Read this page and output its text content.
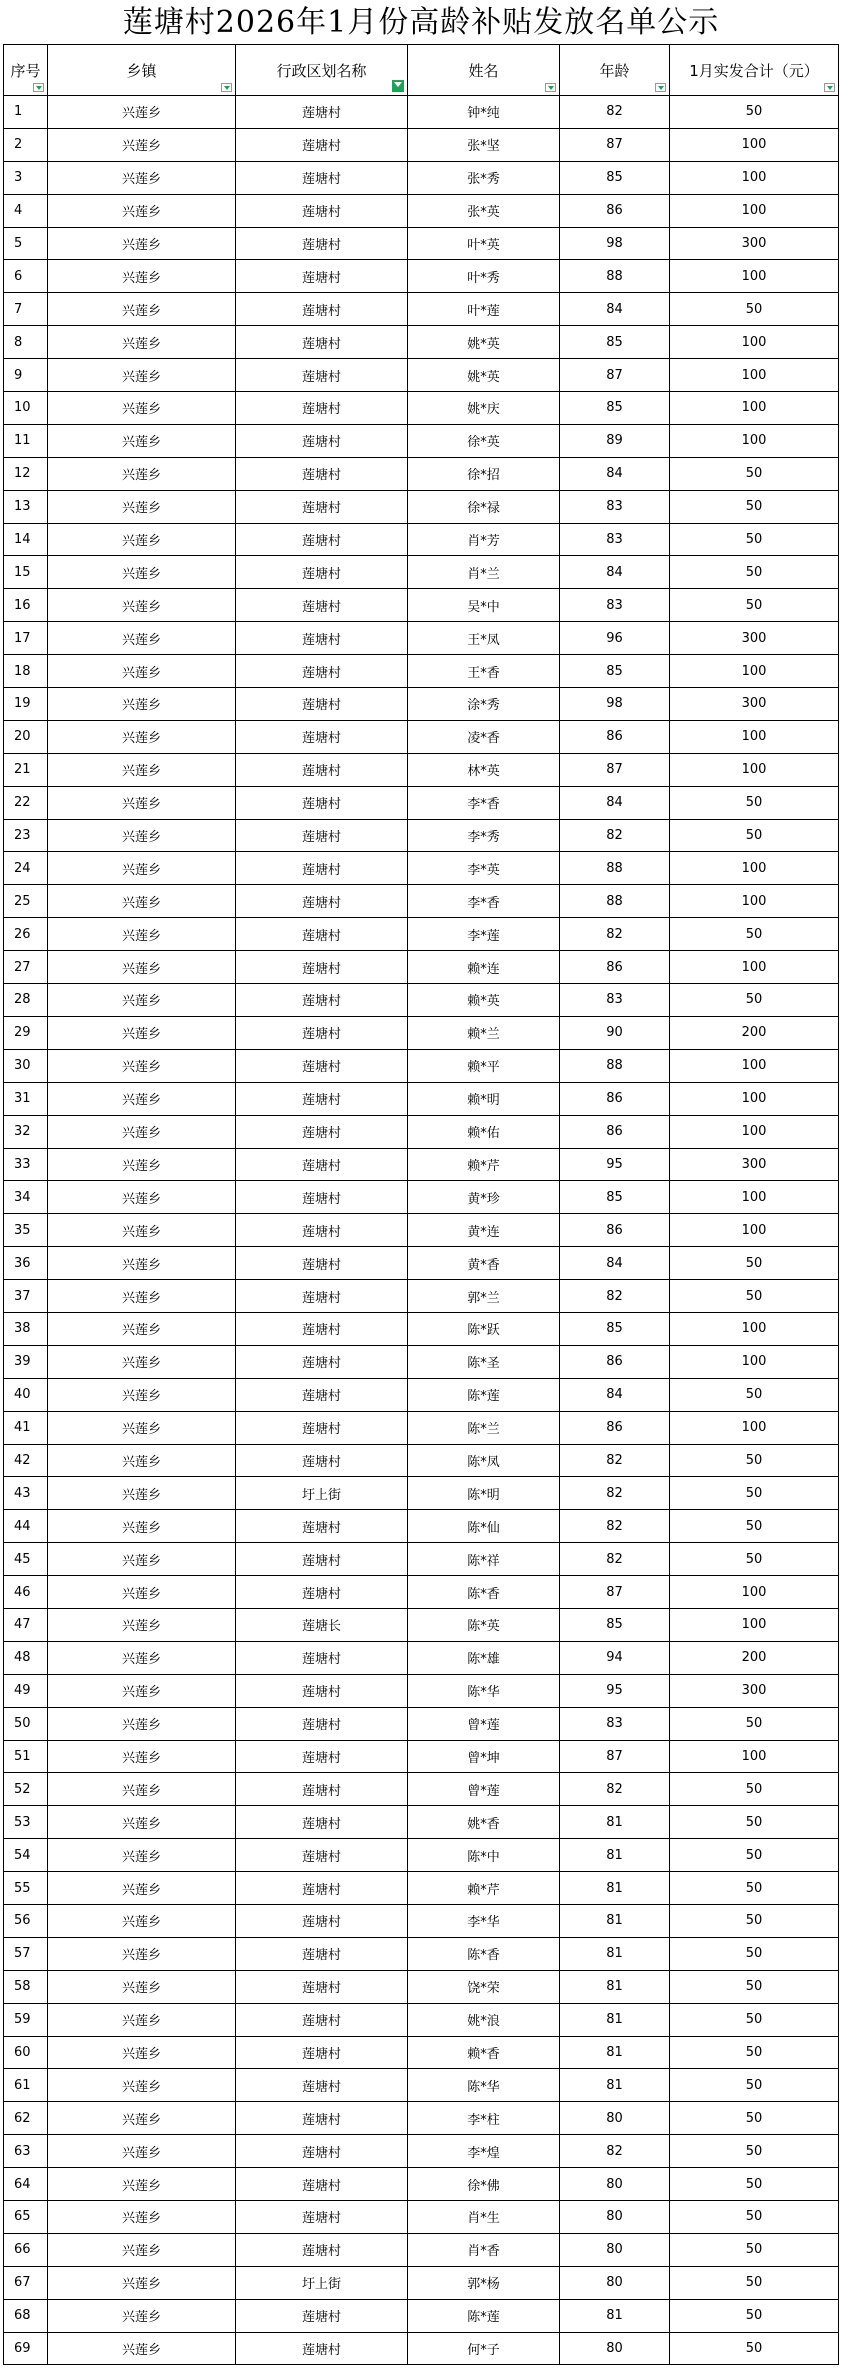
莲塘村2026年1月份高龄补贴发放名单公示
序号	乡镇	行政区划名称	姓名	年龄	1月实发合计（元）
1	兴莲乡	莲塘村	钟*纯	82	50
2	兴莲乡	莲塘村	张*坚	87	100
3	兴莲乡	莲塘村	张*秀	85	100
4	兴莲乡	莲塘村	张*英	86	100
5	兴莲乡	莲塘村	叶*英	98	300
6	兴莲乡	莲塘村	叶*秀	88	100
7	兴莲乡	莲塘村	叶*莲	84	50
8	兴莲乡	莲塘村	姚*英	85	100
9	兴莲乡	莲塘村	姚*英	87	100
10	兴莲乡	莲塘村	姚*庆	85	100
11	兴莲乡	莲塘村	徐*英	89	100
12	兴莲乡	莲塘村	徐*招	84	50
13	兴莲乡	莲塘村	徐*禄	83	50
14	兴莲乡	莲塘村	肖*芳	83	50
15	兴莲乡	莲塘村	肖*兰	84	50
16	兴莲乡	莲塘村	吴*中	83	50
17	兴莲乡	莲塘村	王*凤	96	300
18	兴莲乡	莲塘村	王*香	85	100
19	兴莲乡	莲塘村	涂*秀	98	300
20	兴莲乡	莲塘村	凌*香	86	100
21	兴莲乡	莲塘村	林*英	87	100
22	兴莲乡	莲塘村	李*香	84	50
23	兴莲乡	莲塘村	李*秀	82	50
24	兴莲乡	莲塘村	李*英	88	100
25	兴莲乡	莲塘村	李*香	88	100
26	兴莲乡	莲塘村	李*莲	82	50
27	兴莲乡	莲塘村	赖*连	86	100
28	兴莲乡	莲塘村	赖*英	83	50
29	兴莲乡	莲塘村	赖*兰	90	200
30	兴莲乡	莲塘村	赖*平	88	100
31	兴莲乡	莲塘村	赖*明	86	100
32	兴莲乡	莲塘村	赖*佑	86	100
33	兴莲乡	莲塘村	赖*芹	95	300
34	兴莲乡	莲塘村	黄*珍	85	100
35	兴莲乡	莲塘村	黄*连	86	100
36	兴莲乡	莲塘村	黄*香	84	50
37	兴莲乡	莲塘村	郭*兰	82	50
38	兴莲乡	莲塘村	陈*跃	85	100
39	兴莲乡	莲塘村	陈*圣	86	100
40	兴莲乡	莲塘村	陈*莲	84	50
41	兴莲乡	莲塘村	陈*兰	86	100
42	兴莲乡	莲塘村	陈*凤	82	50
43	兴莲乡	圩上街	陈*明	82	50
44	兴莲乡	莲塘村	陈*仙	82	50
45	兴莲乡	莲塘村	陈*祥	82	50
46	兴莲乡	莲塘村	陈*香	87	100
47	兴莲乡	莲塘长	陈*英	85	100
48	兴莲乡	莲塘村	陈*雄	94	200
49	兴莲乡	莲塘村	陈*华	95	300
50	兴莲乡	莲塘村	曾*莲	83	50
51	兴莲乡	莲塘村	曾*坤	87	100
52	兴莲乡	莲塘村	曾*莲	82	50
53	兴莲乡	莲塘村	姚*香	81	50
54	兴莲乡	莲塘村	陈*中	81	50
55	兴莲乡	莲塘村	赖*芹	81	50
56	兴莲乡	莲塘村	李*华	81	50
57	兴莲乡	莲塘村	陈*香	81	50
58	兴莲乡	莲塘村	饶*荣	81	50
59	兴莲乡	莲塘村	姚*浪	81	50
60	兴莲乡	莲塘村	赖*香	81	50
61	兴莲乡	莲塘村	陈*华	81	50
62	兴莲乡	莲塘村	李*柱	80	50
63	兴莲乡	莲塘村	李*煌	82	50
64	兴莲乡	莲塘村	徐*佛	80	50
65	兴莲乡	莲塘村	肖*生	80	50
66	兴莲乡	莲塘村	肖*香	80	50
67	兴莲乡	圩上街	郭*杨	80	50
68	兴莲乡	莲塘村	陈*莲	81	50
69	兴莲乡	莲塘村	何*子	80	50
